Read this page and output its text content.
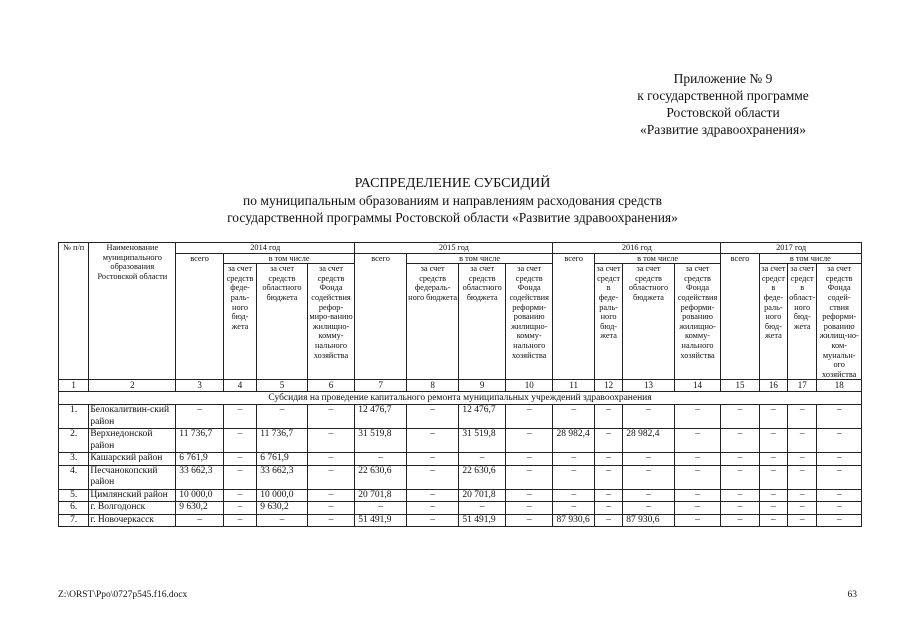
Приложение № 9
к государственной программе
Ростовской области
«Развитие здравоохранения»
РАСПРЕДЕЛЕНИЕ СУБСИДИЙ
по муниципальным образованиям и направлениям расходования средств
государственной программы Ростовской области «Развитие здравоохранения»
№ п/п	Наименование муниципального образования Ростовской области	2014 год				2015 год				2016 год				2017 год			
		всего	в том числе			всего	в том числе			всего	в том числе			всего	в том числе		
			за счет средств феде-раль-ного бюд-жета	за счет средств областного бюджета	за счет средств Фонда содействия рефор-миро-ванию жилищно-комму-нального хозяйства		за счет средств федераль-ного бюджета	за счет средств областного бюджета	за счет средств Фонда содействия реформи-рованию жилищно-комму-нального хозяйства		за счет средств феде-раль-ного бюд-жета	за счет средств областного бюджета	за счет средств Фонда содействия реформи-рованию жилищно-комму-нального хозяйства		за счет средств феде-раль-ного бюд-жета	за счет средств област-ного бюд-жета	за счет средств Фонда содей-ствия реформи-рованию жилищ-но-ком-мунальн-ого хозяйства
1	2	3	4	5	6	7	8	9	10	11	12	13	14	15	16	17	18
Субсидия на проведение капитального ремонта муниципальных учреждений здравоохранения																	
1.	Белокалитвин-ский район	–	–	–	–	12 476,7	–	12 476,7	–	–	–	–	–	–	–	–	–
2.	Верхнедонской район	11 736,7	–	11 736,7	–	31 519,8	–	31 519,8	–	28 982,4	–	28 982,4	–	–	–	–	–
3.	Кашарский район	6 761,9	–	6 761,9	–	–	–	–	–	–	–	–	–	–	–	–	–
4.	Песчанокопский район	33 662,3	–	33 662,3	–	22 630,6	–	22 630,6	–	–	–	–	–	–	–	–	–
5.	Цимлянский район	10 000,0	–	10 000,0	–	20 701,8	–	20 701,8	–	–	–	–	–	–	–	–	–
6.	г. Волгодонск	9 630,2	–	9 630,2	–	–	–	–	–	–	–	–	–	–	–	–	–
7.	г. Новочеркасск	–	–	–	–	51 491,9	–	51 491,9	–	87 930,6	–	87 930,6	–	–	–	–	–
Z:\ORST\Ppo\0727p545.f16.docx	63
